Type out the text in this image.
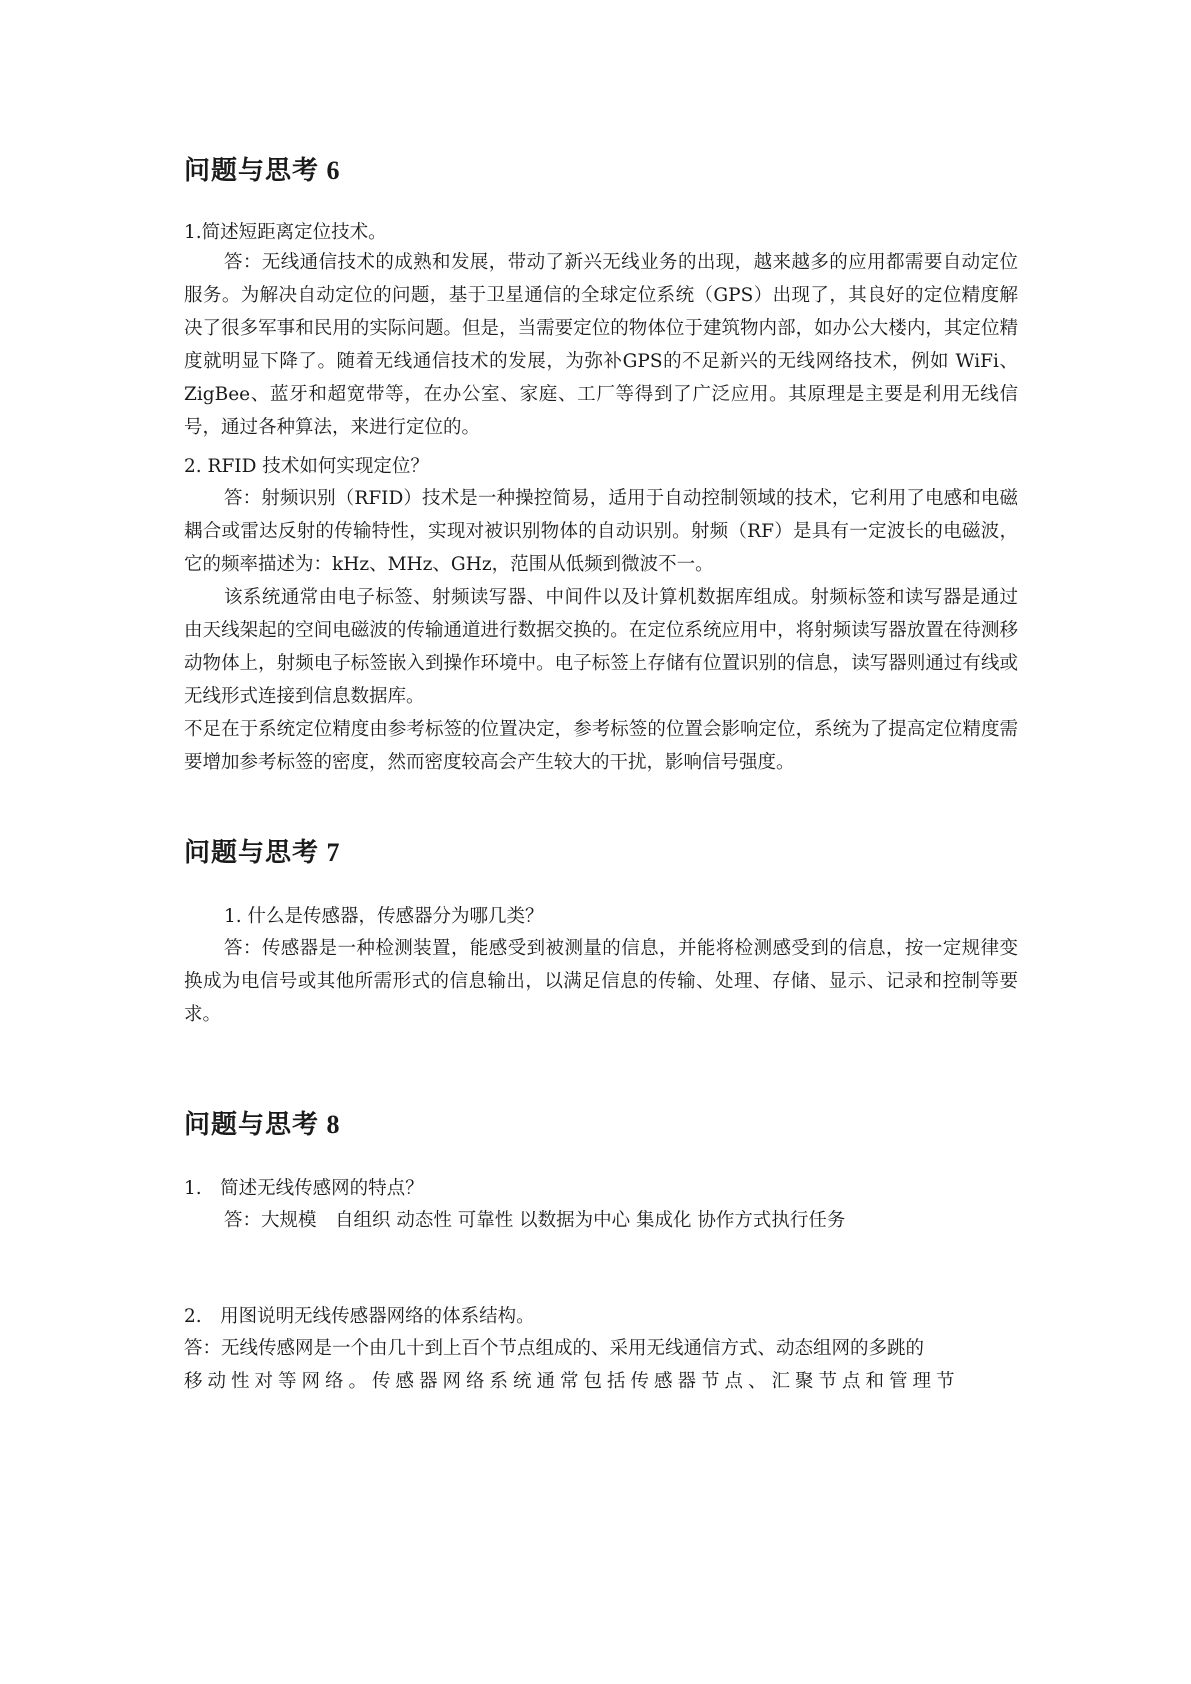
问题与思考 6

1.简述短距离定位技术。

答：无线通信技术的成熟和发展，带动了新兴无线业务的出现，越来越多的应用都需要自动定位服务。为解决自动定位的问题，基于卫星通信的全球定位系统（GPS）出现了，其良好的定位精度解决了很多军事和民用的实际问题。但是，当需要定位的物体位于建筑物内部，如办公大楼内，其定位精度就明显下降了。随着无线通信技术的发展，为弥补GPS的不足新兴的无线网络技术，例如 WiFi、ZigBee、蓝牙和超宽带等，在办公室、家庭、工厂等得到了广泛应用。其原理是主要是利用无线信号，通过各种算法，来进行定位的。

2. RFID 技术如何实现定位？

答：射频识别（RFID）技术是一种操控简易，适用于自动控制领域的技术，它利用了电感和电磁耦合或雷达反射的传输特性，实现对被识别物体的自动识别。射频（RF）是具有一定波长的电磁波，它的频率描述为：kHz、MHz、GHz，范围从低频到微波不一。

该系统通常由电子标签、射频读写器、中间件以及计算机数据库组成。射频标签和读写器是通过由天线架起的空间电磁波的传输通道进行数据交换的。在定位系统应用中，将射频读写器放置在待测移动物体上，射频电子标签嵌入到操作环境中。电子标签上存储有位置识别的信息，读写器则通过有线或无线形式连接到信息数据库。

不足在于系统定位精度由参考标签的位置决定，参考标签的位置会影响定位，系统为了提高定位精度需要增加参考标签的密度，然而密度较高会产生较大的干扰，影响信号强度。

问题与思考 7

1. 什么是传感器，传感器分为哪几类？

答：传感器是一种检测装置，能感受到被测量的信息，并能将检测感受到的信息，按一定规律变换成为电信号或其他所需形式的信息输出，以满足信息的传输、处理、存储、显示、记录和控制等要求。

问题与思考 8

1.　简述无线传感网的特点？

答：大规模　自组织 动态性 可靠性 以数据为中心 集成化 协作方式执行任务

2.　用图说明无线传感器网络的体系结构。

答：无线传感网是一个由几十到上百个节点组成的、采用无线通信方式、动态组网的多跳的

移动性对等网络。传感器网络系统通常包括传感器节点、汇聚节点和管理节
